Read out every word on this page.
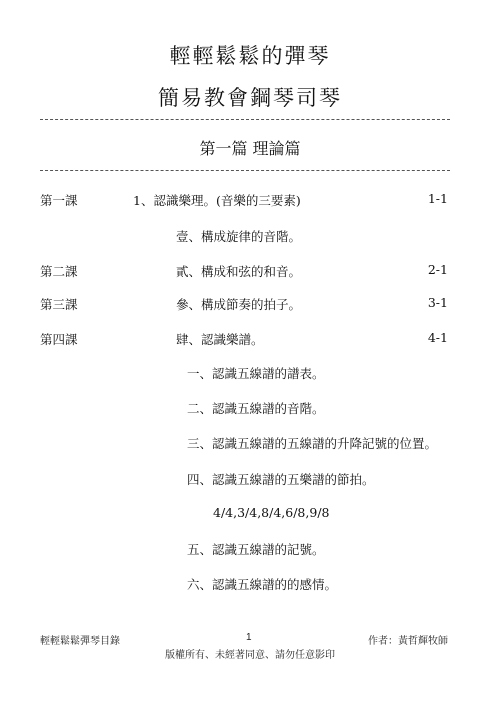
輕輕鬆鬆的彈琴
簡易教會鋼琴司琴
第一篇 理論篇
第一課	1、認識樂理。(音樂的三要素)	1-1
壹、構成旋律的音階。
第二課	貳、構成和弦的和音。	2-1
第三課	參、構成節奏的拍子。	3-1
第四課	肆、認識樂譜。	4-1
一、認識五線譜的譜表。
二、認識五線譜的音階。
三、認識五線譜的五線譜的升降記號的位置。
四、認識五線譜的五樂譜的節拍。
4/4,3/4,8/4,6/8,9/8
五、認識五線譜的記號。
六、認識五線譜的的感情。
輕輕鬆鬆彈琴目錄	1	作者：黃哲輝牧師
版權所有、未經著同意、請勿任意影印
